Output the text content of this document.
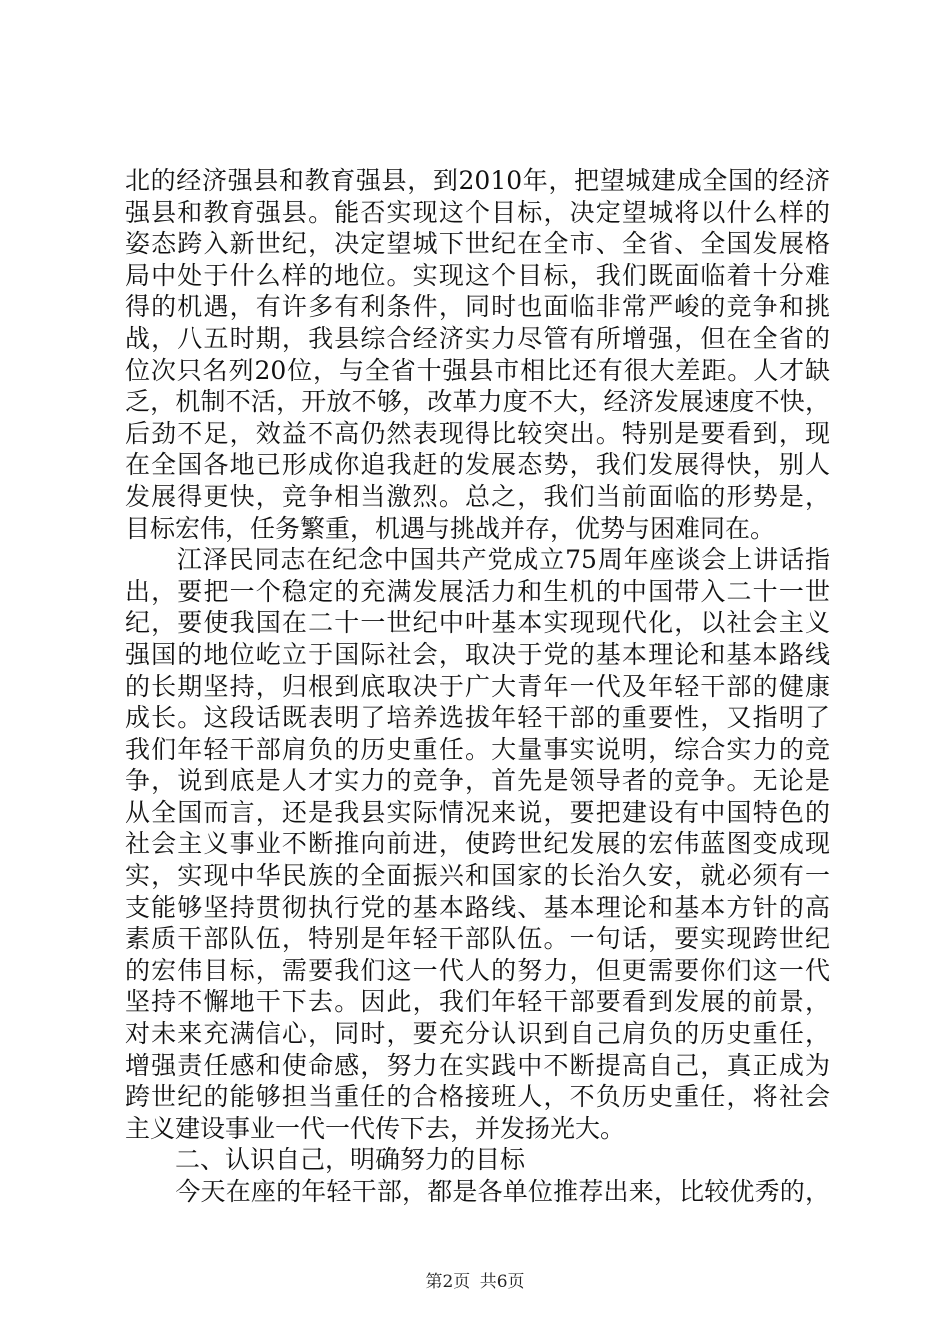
北的经济强县和教育强县，到2010年，把望城建成全国的经济
强县和教育强县。能否实现这个目标，决定望城将以什么样的
姿态跨入新世纪，决定望城下世纪在全市、全省、全国发展格
局中处于什么样的地位。实现这个目标，我们既面临着十分难
得的机遇，有许多有利条件，同时也面临非常严峻的竞争和挑
战，八五时期，我县综合经济实力尽管有所增强，但在全省的
位次只名列20位，与全省十强县市相比还有很大差距。人才缺
乏，机制不活，开放不够，改革力度不大，经济发展速度不快，
后劲不足，效益不高仍然表现得比较突出。特别是要看到，现
在全国各地已形成你追我赶的发展态势，我们发展得快，别人
发展得更快，竞争相当激烈。总之，我们当前面临的形势是，
目标宏伟，任务繁重，机遇与挑战并存，优势与困难同在。
　　江泽民同志在纪念中国共产党成立75周年座谈会上讲话指
出，要把一个稳定的充满发展活力和生机的中国带入二十一世
纪，要使我国在二十一世纪中叶基本实现现代化，以社会主义
强国的地位屹立于国际社会，取决于党的基本理论和基本路线
的长期坚持，归根到底取决于广大青年一代及年轻干部的健康
成长。这段话既表明了培养选拔年轻干部的重要性，又指明了
我们年轻干部肩负的历史重任。大量事实说明，综合实力的竞
争，说到底是人才实力的竞争，首先是领导者的竞争。无论是
从全国而言，还是我县实际情况来说，要把建设有中国特色的
社会主义事业不断推向前进，使跨世纪发展的宏伟蓝图变成现
实，实现中华民族的全面振兴和国家的长治久安，就必须有一
支能够坚持贯彻执行党的基本路线、基本理论和基本方针的高
素质干部队伍，特别是年轻干部队伍。一句话，要实现跨世纪
的宏伟目标，需要我们这一代人的努力，但更需要你们这一代
坚持不懈地干下去。因此，我们年轻干部要看到发展的前景，
对未来充满信心，同时，要充分认识到自己肩负的历史重任，
增强责任感和使命感，努力在实践中不断提高自己，真正成为
跨世纪的能够担当重任的合格接班人，不负历史重任，将社会
主义建设事业一代一代传下去，并发扬光大。
　　二、认识自己，明确努力的目标
　　今天在座的年轻干部，都是各单位推荐出来，比较优秀的，
第2页 共6页
